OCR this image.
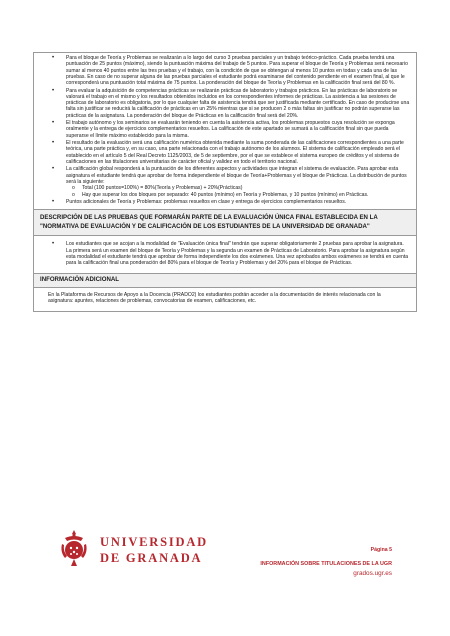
• Para el bloque de Teoría y Problemas se realizarán a lo largo del curso 3 pruebas parciales y un trabajo teórico-práctico. Cada prueba tendrá una puntuación de 25 puntos (máximo), siendo la puntuación máxima del trabajo de 5 puntos. Para superar el bloque de Teoría y Problemas será necesario sumar al menos 40 puntos entre las tres pruebas y el trabajo, con la condición de que se obtengan al menos 10 puntos en todas y cada una de las pruebas. En caso de no superar alguna de las pruebas parciales el estudiante podrá examinarse del contenido pendiente en el examen final, al que le corresponderá una puntuación total máxima de 75 puntos. La ponderación del bloque de Teoría y Problemas en la calificación final será del 80 %.
• Para evaluar la adquisición de competencias prácticas se realizarán prácticas de laboratorio y trabajos prácticos. En las prácticas de laboratorio se valorará el trabajo en el mismo y los resultados obtenidos incluidos en los correspondientes informes de prácticas. La asistencia a las sesiones de prácticas de laboratorio es obligatoria, por lo que cualquier falta de asistencia tendrá que ser justificada mediante certificado. En caso de producirse una falta sin justificar se reducirá la calificación de prácticas en un 25% mientras que si se producen 2 o más faltas sin justificar no podrán superarse las prácticas de la asignatura. La ponderación del bloque de Prácticas en la calificación final será del 20%.
• El trabajo autónomo y los seminarios se evaluarán teniendo en cuenta la asistencia activa, los problemas propuestos cuya resolución se exponga oralmente y la entrega de ejercicios complementarios resueltos. La calificación de este apartado se sumará a la calificación final sin que pueda superarse el límite máximo establecido para la misma.
• El resultado de la evaluación será una calificación numérica obtenida mediante la suma ponderada de las calificaciones correspondientes a una parte teórica, una parte práctica y, en su caso, una parte relacionada con el trabajo autónomo de los alumnos. El sistema de calificación empleado será el establecido en el artículo 5 del Real Decreto 1125/2003, de 5 de septiembre, por el que se establece el sistema europeo de créditos y el sistema de calificaciones en las titulaciones universitarias de carácter oficial y validez en todo el territorio nacional.
• La calificación global responderá a la puntuación de los diferentes aspectos y actividades que integran el sistema de evaluación. Para aprobar esta asignatura el estudiante tendrá que aprobar de forma independiente el bloque de Teoría+Problemas y el bloque de Prácticas. La distribución de puntos será la siguiente:
o Total (100 puntos=100%) = 80%(Teoría y Problemas) + 20%(Prácticas)
o Hay que superar los dos bloques por separado: 40 puntos (mínimo) en Teoría y Problemas, y 10 puntos (mínimo) en Prácticas.
• Puntos adicionales de Teoría y Problemas: problemas resueltos en clase y entrega de ejercicios complementarios resueltos.
DESCRIPCIÓN DE LAS PRUEBAS QUE FORMARÁN PARTE DE LA EVALUACIÓN ÚNICA FINAL ESTABLECIDA EN LA "NORMATIVA DE EVALUACIÓN Y DE CALIFICACIÓN DE LOS ESTUDIANTES DE LA UNIVERSIDAD DE GRANADA"
• Los estudiantes que se acojan a la modalidad de "Evaluación única final" tendrán que superar obligatoriamente 2 pruebas para aprobar la asignatura. La primera será un examen del bloque de Teoría y Problemas y la segunda un examen de Prácticas de Laboratorio. Para aprobar la asignatura según esta modalidad el estudiante tendrá que aprobar de forma independiente los dos exámenes. Una vez aprobados ambos exámenes se tendrá en cuenta para la calificación final una ponderación del 80% para el bloque de Teoría y Problemas y del 20% para el bloque de Prácticas.
INFORMACIÓN ADICIONAL
En la Plataforma de Recursos de Apoyo a la Docencia (PRADO2) los estudiantes podrán acceder a la documentación de interés relacionada con la asignatura: apuntes, relaciones de problemas, convocatorias de examen, calificaciones, etc.
UNIVERSIDAD
DE GRANADA
Página 5
INFORMACIÓN SOBRE TITULACIONES DE LA UGR
grados.ugr.es
